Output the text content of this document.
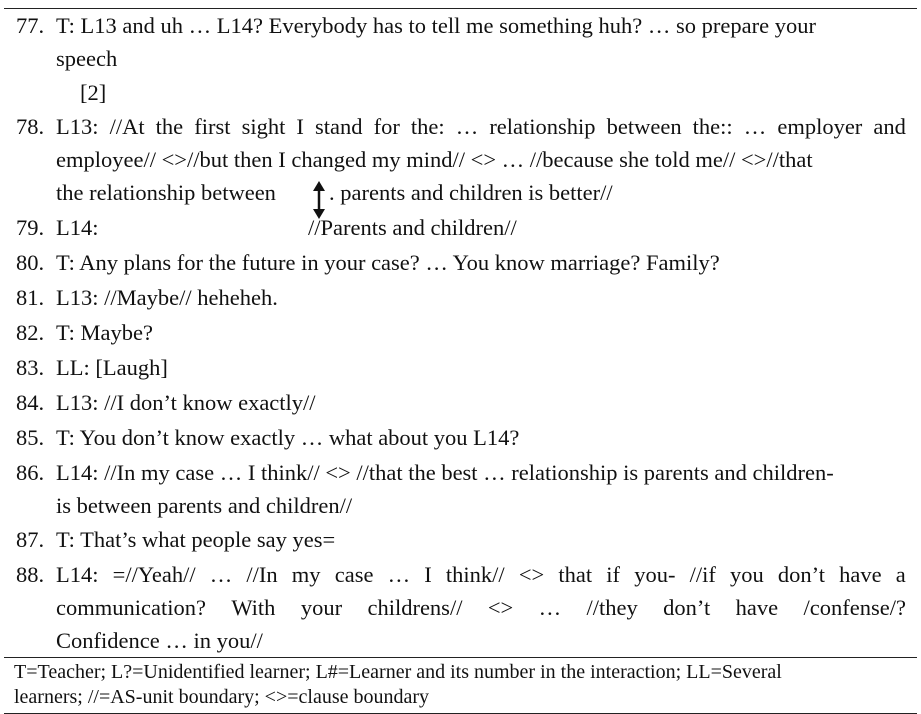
77. T: L13 and uh … L14? Everybody has to tell me something huh? … so prepare your
speech
[2]
78. L13: //At the first sight I stand for the: … relationship between the:: … employer and
employee// <>//but then I changed my mind// <> … //because she told me// <>//that
the relationship between . parents and children is better//
79. L14:	//Parents and children//
80. T: Any plans for the future in your case? … You know marriage? Family?
81. L13: //Maybe// heheheh.
82. T: Maybe?
83. LL: [Laugh]
84. L13: //I don’t know exactly//
85. T: You don’t know exactly … what about you L14?
86. L14: //In my case … I think// <> //that the best … relationship is parents and children-
is between parents and children//
87. T: That’s what people say yes=
88. L14: =//Yeah// … //In my case … I think// <> that if you- //if you don’t have a
communication? With your childrens// <> … //they don’t have /confense/?
Confidence … in you//
T=Teacher; L?=Unidentified learner; L#=Learner and its number in the interaction; LL=Several
learners; //=AS-unit boundary; <>=clause boundary
